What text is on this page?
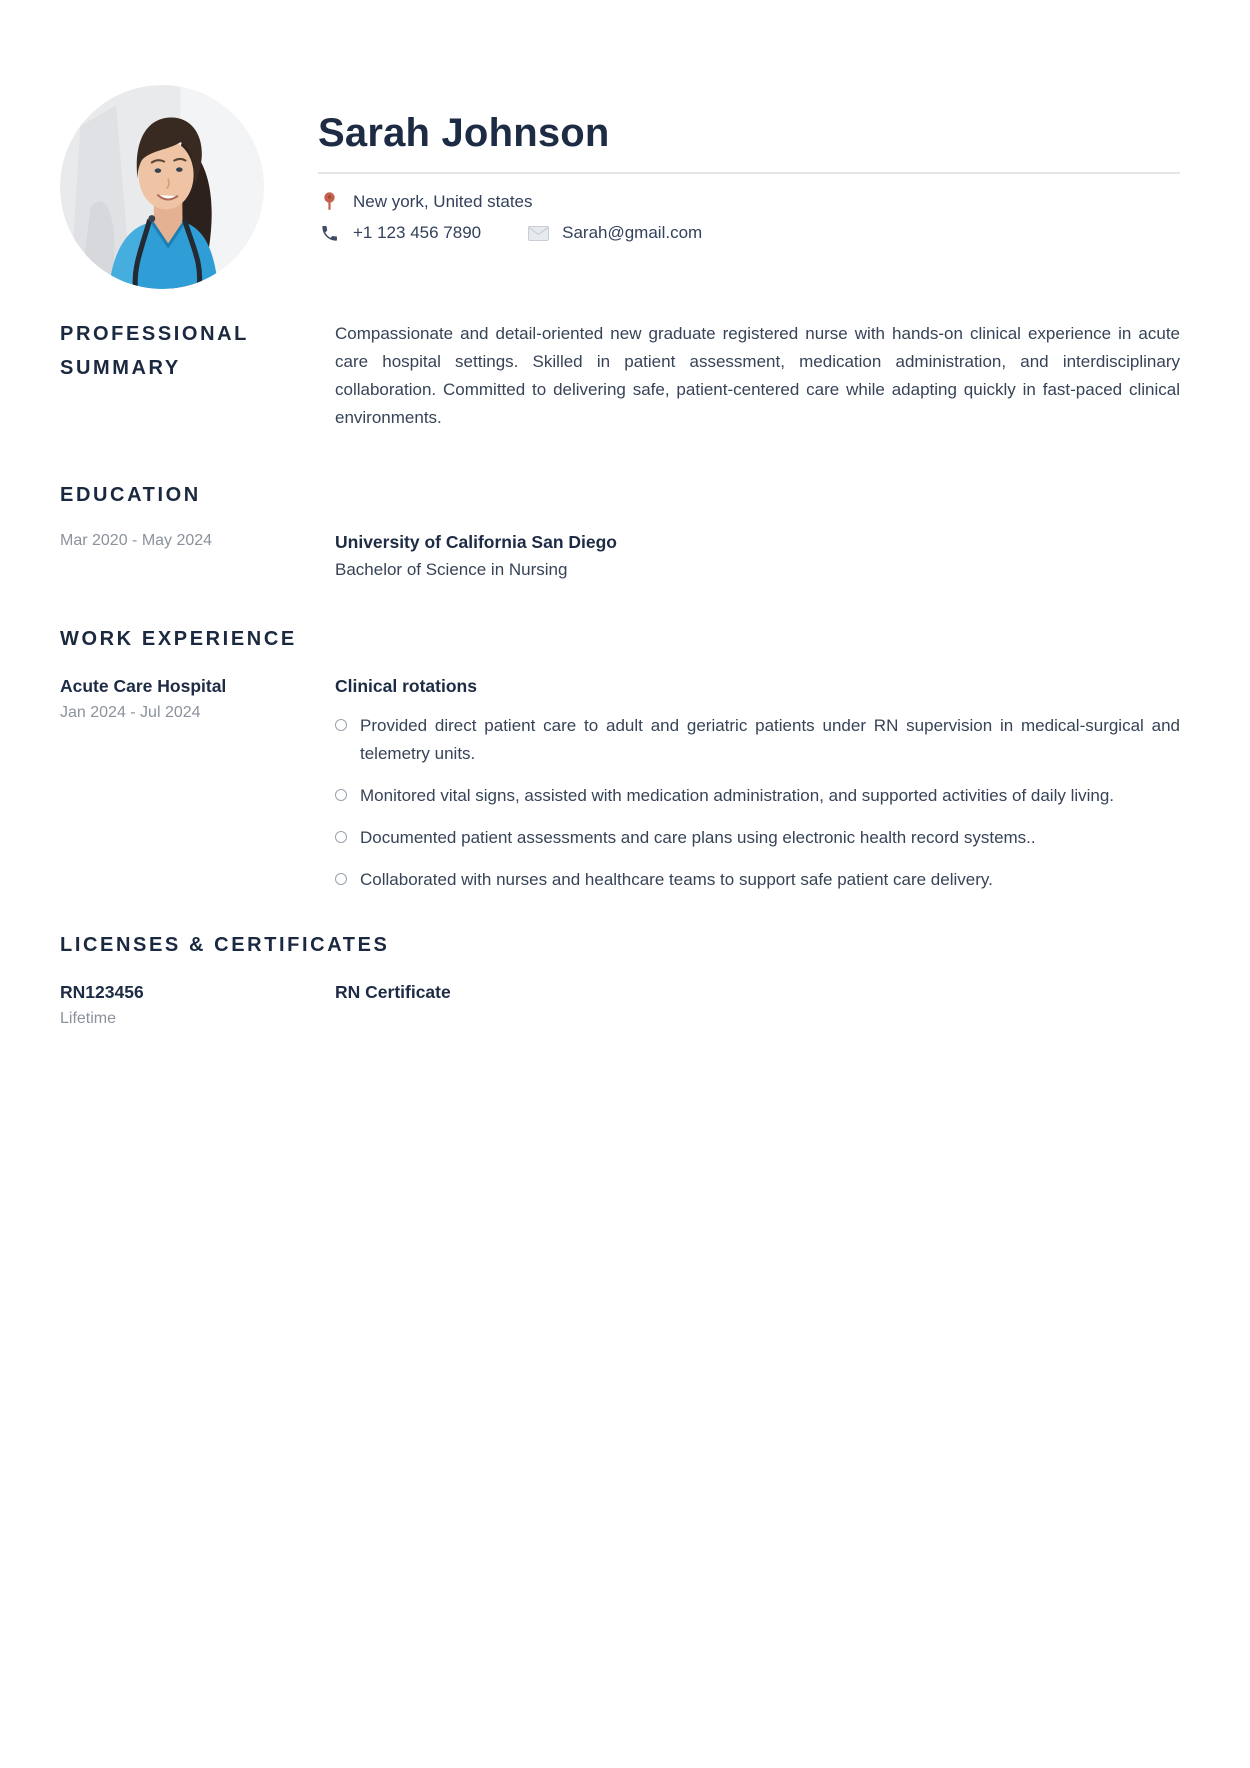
Sarah Johnson
New york, United states
+1 123 456 7890	Sarah@gmail.com
PROFESSIONAL SUMMARY

Compassionate and detail-oriented new graduate registered nurse with hands-on clinical experience in acute care hospital settings. Skilled in patient assessment, medication administration, and interdisciplinary collaboration. Committed to delivering safe, patient-centered care while adapting quickly in fast-paced clinical environments.

EDUCATION
Mar 2020 - May 2024	University of California San Diego
Bachelor of Science in Nursing
WORK EXPERIENCE
Acute Care Hospital
Jan 2024 - Jul 2024
Clinical rotations
Provided direct patient care to adult and geriatric patients under RN supervision in medical-surgical and telemetry units.
Monitored vital signs, assisted with medication administration, and supported activities of daily living.
Documented patient assessments and care plans using electronic health record systems..
Collaborated with nurses and healthcare teams to support safe patient care delivery.
LICENSES & CERTIFICATES
RN123456
Lifetime
RN Certificate
